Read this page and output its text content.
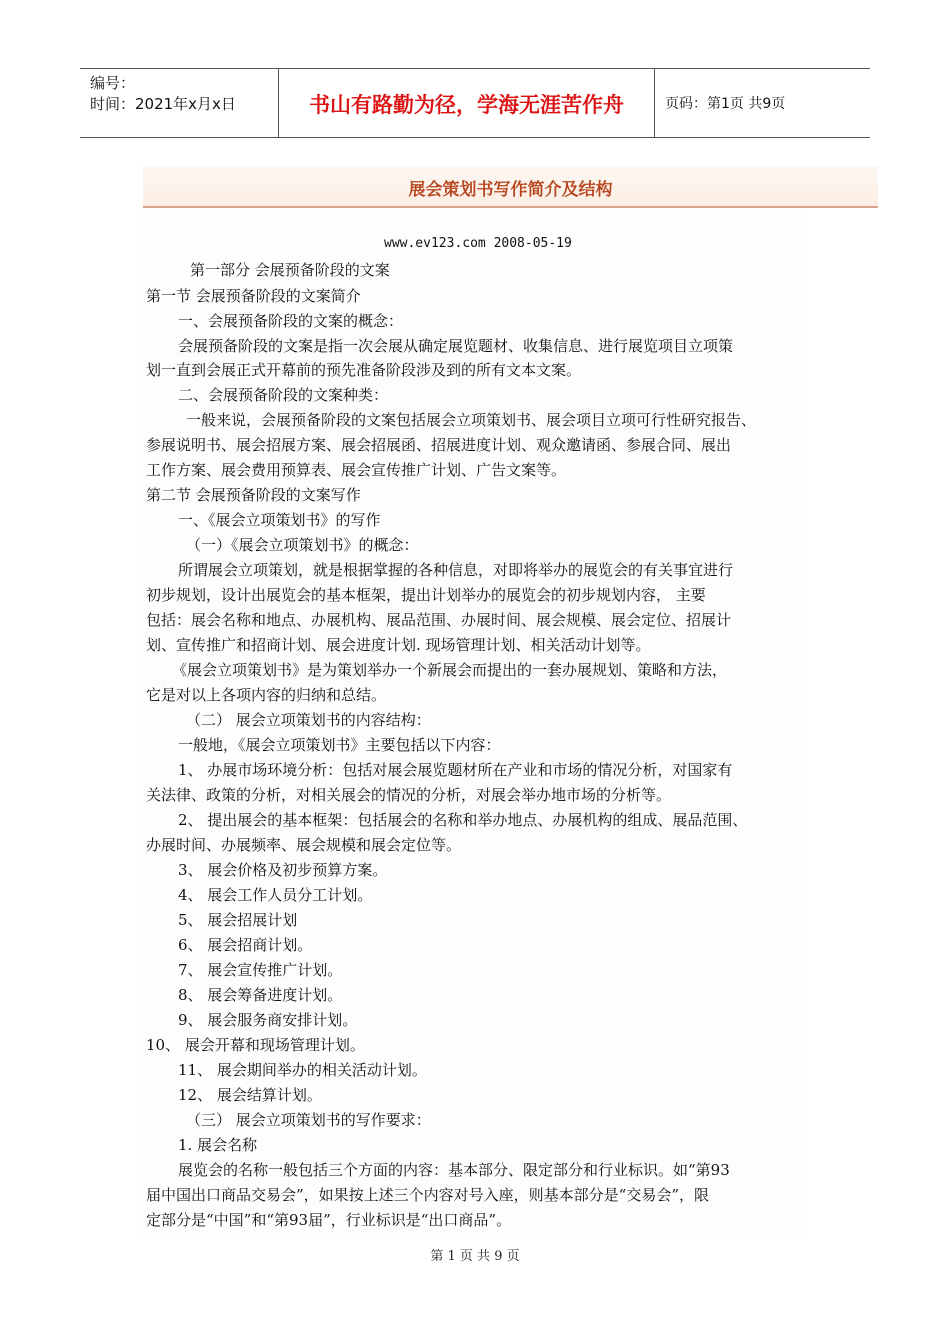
编号：
时间：2021年x月x日	书山有路勤为径，学海无涯苦作舟	页码：第1页 共9页
展会策划书写作简介及结构
www.ev123.com 2008-05-19
第一部分 会展预备阶段的文案
第一节 会展预备阶段的文案简介
一、会展预备阶段的文案的概念：
会展预备阶段的文案是指一次会展从确定展览题材、收集信息、进行展览项目立项策
划一直到会展正式开幕前的预先准备阶段涉及到的所有文本文案。
二、会展预备阶段的文案种类：
一般来说，会展预备阶段的文案包括展会立项策划书、展会项目立项可行性研究报告、
参展说明书、展会招展方案、展会招展函、招展进度计划、观众邀请函、参展合同、展出
工作方案、展会费用预算表、展会宣传推广计划、广告文案等。
第二节 会展预备阶段的文案写作
一、《展会立项策划书》的写作
（一）《展会立项策划书》的概念：
所谓展会立项策划，就是根据掌握的各种信息，对即将举办的展览会的有关事宜进行
初步规划，设计出展览会的基本框架，提出计划举办的展览会的初步规划内容， 主要
包括：展会名称和地点、办展机构、展品范围、办展时间、展会规模、展会定位、招展计
划、宣传推广和招商计划、展会进度计划. 现场管理计划、相关活动计划等。
《展会立项策划书》是为策划举办一个新展会而提出的一套办展规划、策略和方法，
它是对以上各项内容的归纳和总结。
（二） 展会立项策划书的内容结构：
一般地，《展会立项策划书》主要包括以下内容：
1、 办展市场环境分析：包括对展会展览题材所在产业和市场的情况分析，对国家有
关法律、政策的分析，对相关展会的情况的分析，对展会举办地市场的分析等。
2、 提出展会的基本框架：包括展会的名称和举办地点、办展机构的组成、展品范围、
办展时间、办展频率、展会规模和展会定位等。
3、 展会价格及初步预算方案。
4、 展会工作人员分工计划。
5、 展会招展计划
6、 展会招商计划。
7、 展会宣传推广计划。
8、 展会筹备进度计划。
9、 展会服务商安排计划。
10、 展会开幕和现场管理计划。
11、 展会期间举办的相关活动计划。
12、 展会结算计划。
（三） 展会立项策划书的写作要求：
1. 展会名称
展览会的名称一般包括三个方面的内容：基本部分、限定部分和行业标识。如“第93
届中国出口商品交易会”，如果按上述三个内容对号入座，则基本部分是“交易会”，限
定部分是“中国”和“第93届”，行业标识是“出口商品”。
第 1 页 共 9 页
